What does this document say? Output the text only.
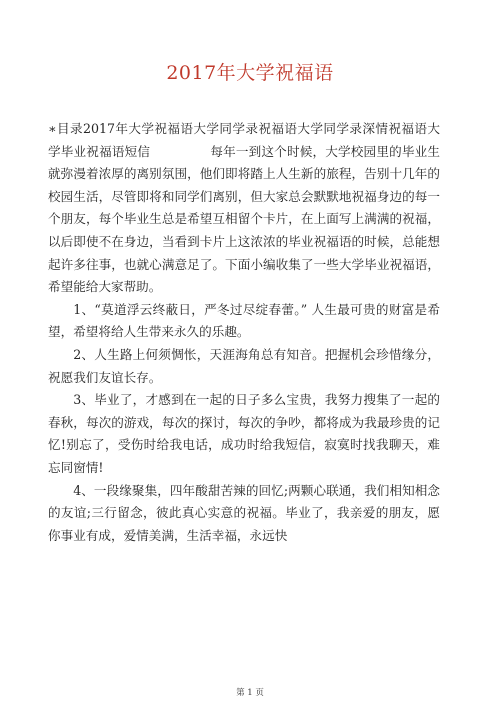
2017年大学祝福语

∗目录2017年大学祝福语大学同学录祝福语大学同学录深情祝福语大学毕业祝福语短信	每年一到这个时候，大学校园里的毕业生就弥漫着浓厚的离别氛围，他们即将踏上人生新的旅程，告别十几年的校园生活，尽管即将和同学们离别，但大家总会默默地祝福身边的每一个朋友，每个毕业生总是希望互相留个卡片，在上面写上满满的祝福，以后即使不在身边，当看到卡片上这浓浓的毕业祝福语的时候，总能想起许多往事，也就心满意足了。下面小编收集了一些大学毕业祝福语，希望能给大家帮助。

1、“莫道浮云终蔽日，严冬过尽绽春蕾。” 人生最可贵的财富是希望，希望将给人生带来永久的乐趣。

2、人生路上何须惆怅，天涯海角总有知音。把握机会珍惜缘分，祝愿我们友谊长存。

3、毕业了，才感到在一起的日子多么宝贵，我努力搜集了一起的春秋，每次的游戏，每次的探讨，每次的争吵，都将成为我最珍贵的记忆!别忘了，受伤时给我电话，成功时给我短信，寂寞时找我聊天，难忘同窗情!

4、一段缘聚集，四年酸甜苦辣的回忆;两颗心联通，我们相知相念的友谊;三行留念，彼此真心实意的祝福。毕业了，我亲爱的朋友，愿你事业有成，爱情美满，生活幸福，永远快

第 1 页
